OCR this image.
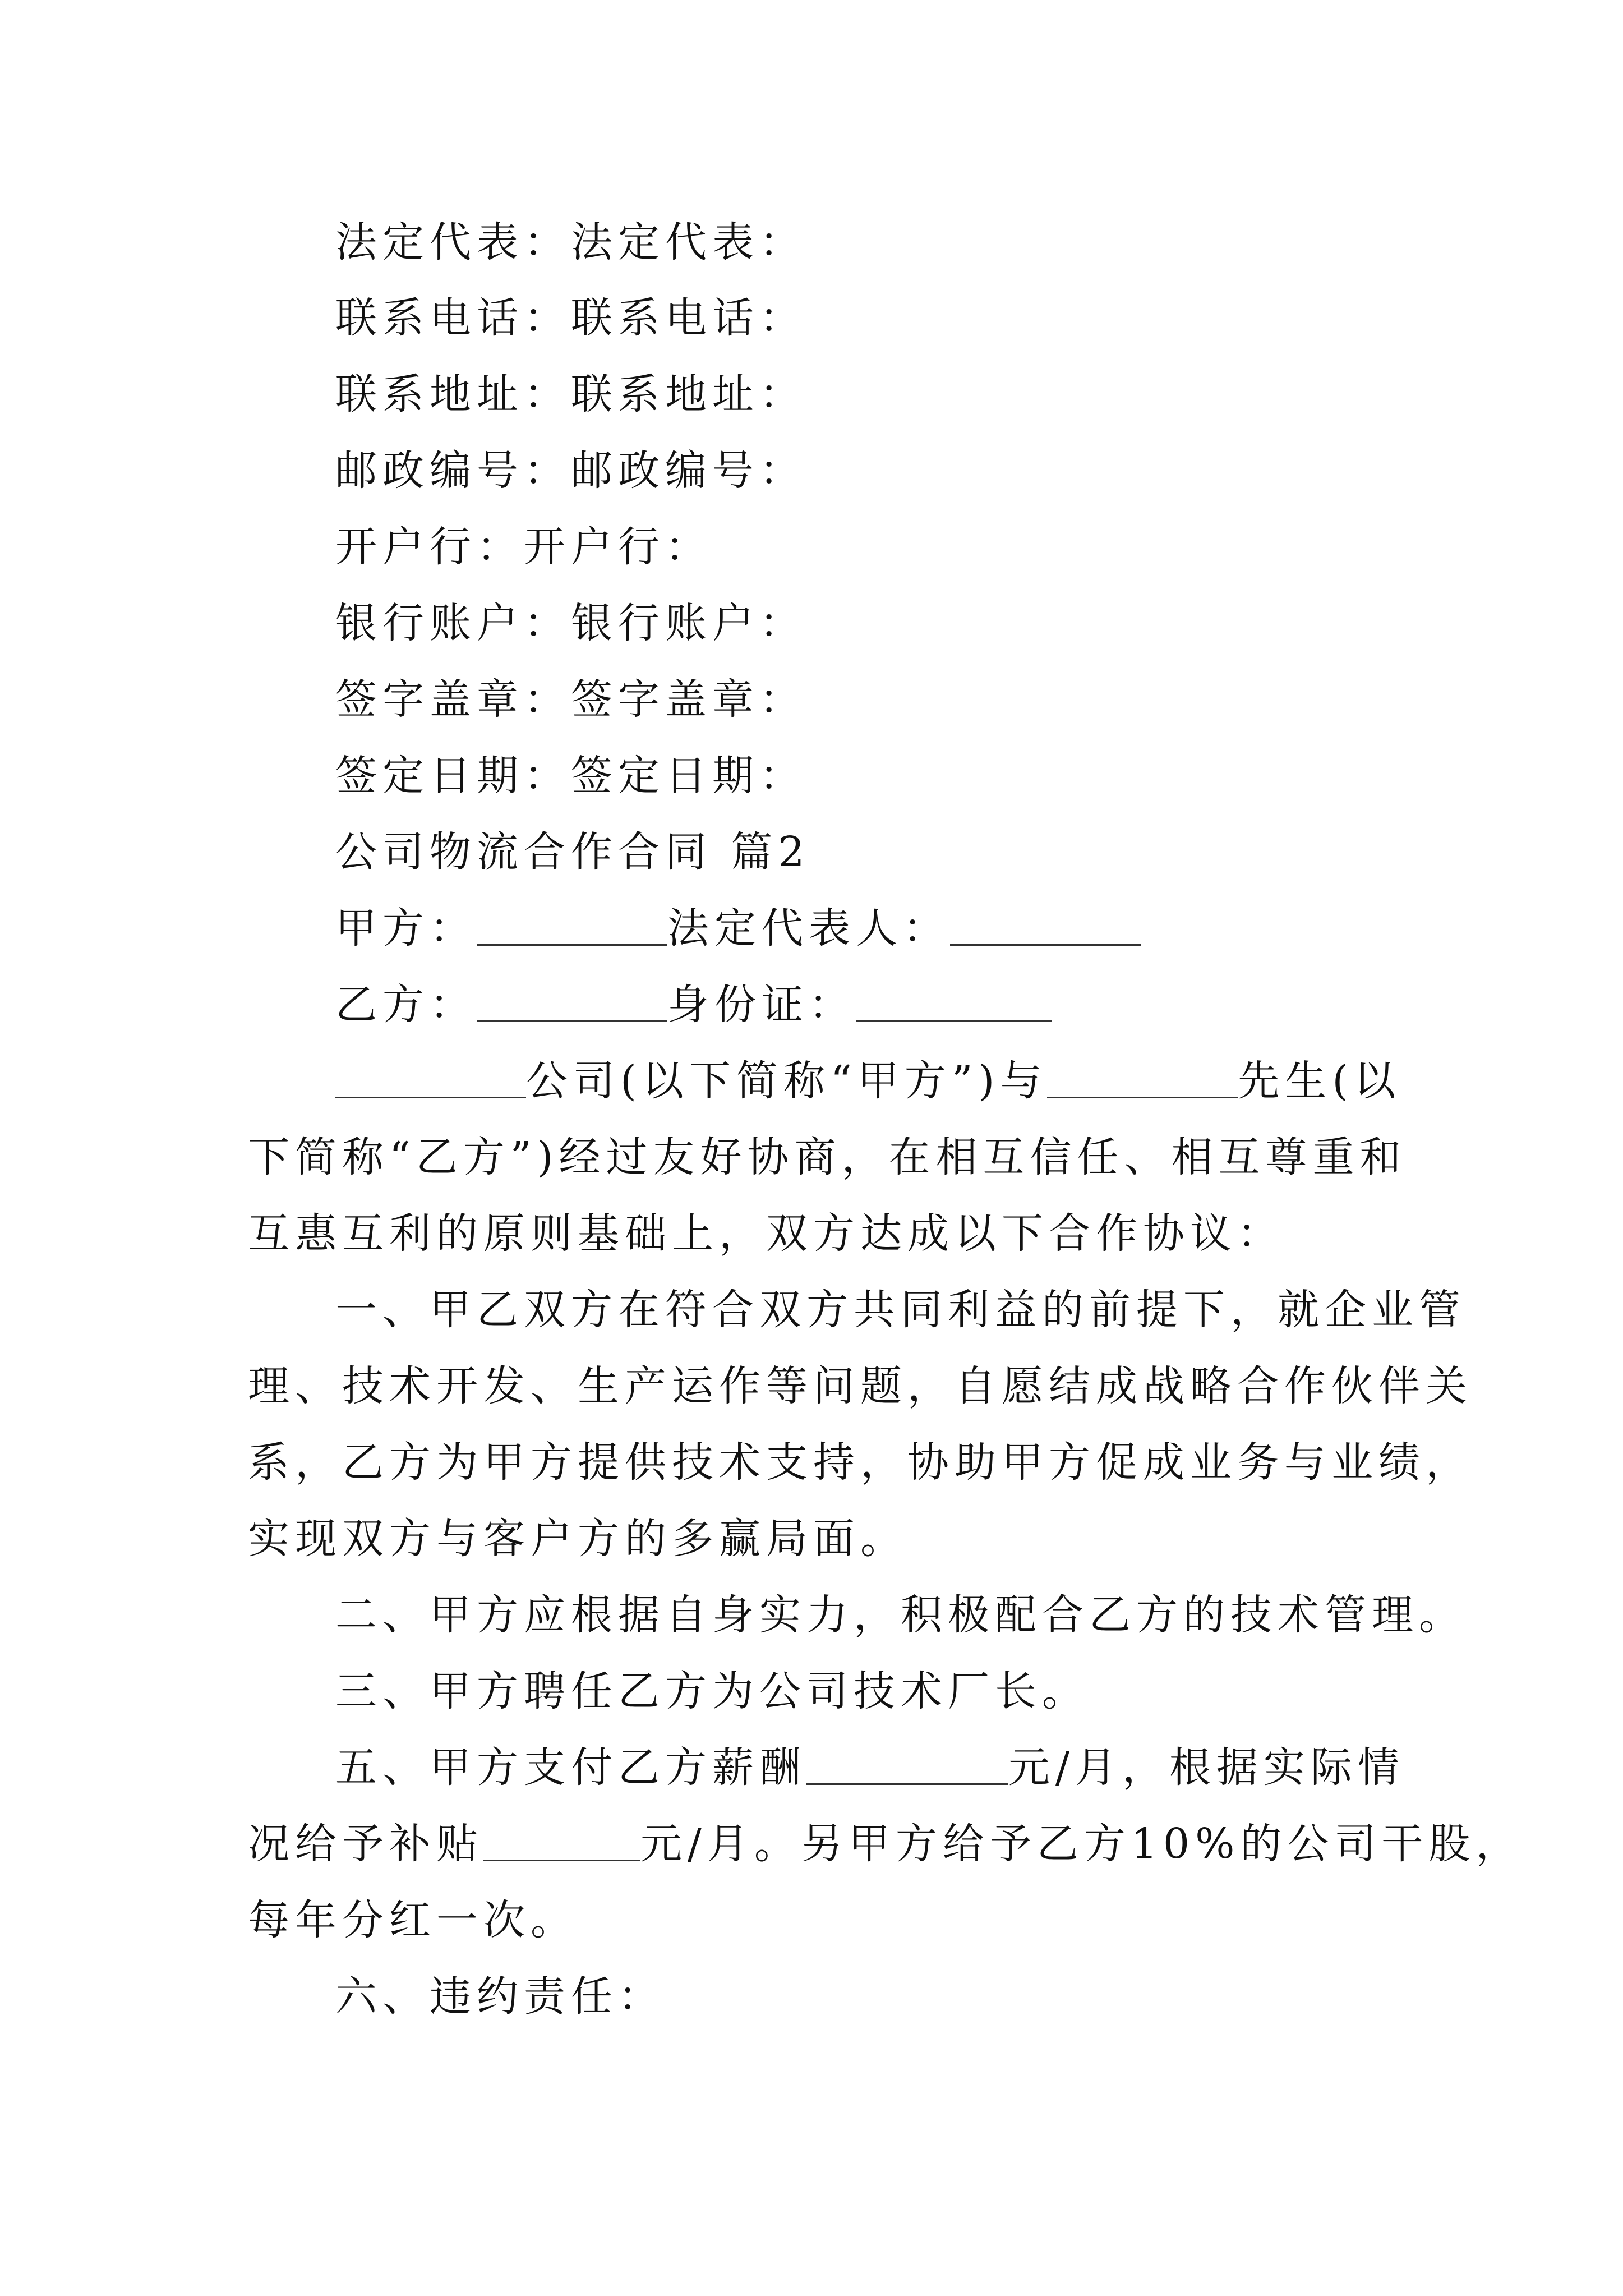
法定代表：法定代表：
联系电话：联系电话：
联系地址：联系地址：
邮政编号：邮政编号：
开户行：开户行：
银行账户：银行账户：
签字盖章：签字盖章：
签定日期：签定日期：
公司物流合作合同 篇2
甲方：	法定代表人：
乙方：	身份证：
公司(以下简称“甲方”)与	先生(以
下简称“乙方”)经过友好协商，在相互信任、相互尊重和
互惠互利的原则基础上，双方达成以下合作协议：
一、甲乙双方在符合双方共同利益的前提下，就企业管
理、技术开发、生产运作等问题，自愿结成战略合作伙伴关
系，乙方为甲方提供技术支持，协助甲方促成业务与业绩，
实现双方与客户方的多赢局面。
二、甲方应根据自身实力，积极配合乙方的技术管理。
三、甲方聘任乙方为公司技术厂长。
五、甲方支付乙方薪酬	元/月，根据实际情
况给予补贴	元/月。另甲方给予乙方10%的公司干股，
每年分红一次。
六、违约责任：
